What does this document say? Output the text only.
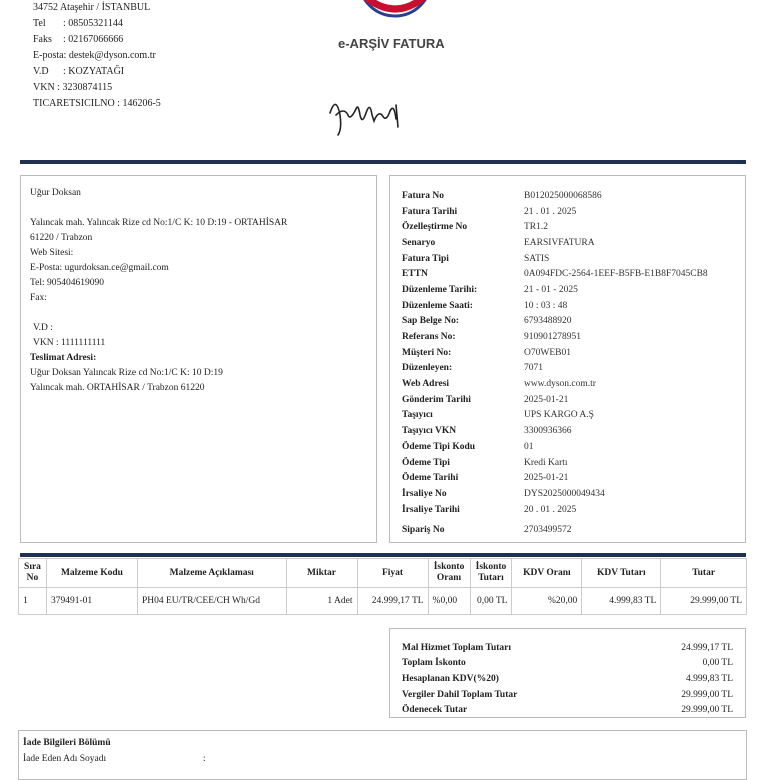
34752 Ataşehir / İSTANBUL
Tel : 08505321144
Faks : 02167066666
E-posta: destek@dyson.com.tr
V.D : KOZYATAĞI
VKN : 3230874115
TICARETSICILNO : 146206-5
e-ARŞİV FATURA
Uğur Doksan
Yalıncak mah. Yalıncak Rize cd No:1/C K: 10 D:19 - ORTAHİSAR
61220 / Trabzon
Web Sitesi:
E-Posta: ugurdoksan.ce@gmail.com
Tel: 905404619090
Fax:
V.D :
VKN : 1111111111
Teslimat Adresi:
Uğur Doksan Yalıncak Rize cd No:1/C K: 10 D:19
Yalıncak mah. ORTAHİSAR / Trabzon 61220
Fatura No	B012025000068586
Fatura Tarihi	21 . 01 . 2025
Özelleştirme No	TR1.2
Senaryo	EARSIVFATURA
Fatura Tipi	SATIS
ETTN	0A094FDC-2564-1EEF-B5FB-E1B8F7045CB8
Düzenleme Tarihi:	21 - 01 - 2025
Düzenleme Saati:	10 : 03 : 48
Sap Belge No:	6793488920
Referans No:	910901278951
Müşteri No:	O70WEB01
Düzenleyen:	7071
Web Adresi	www.dyson.com.tr
Gönderim Tarihi	2025-01-21
Taşıyıcı	UPS KARGO A.Ş
Taşıyıcı VKN	3300936366
Ödeme Tipi Kodu	01
Ödeme Tipi	Kredi Kartı
Ödeme Tarihi	2025-01-21
İrsaliye No	DYS2025000049434
İrsaliye Tarihi	20 . 01 . 2025
Sipariş No	2703499572
Sıra No	Malzeme Kodu	Malzeme Açıklaması	Miktar	Fiyat	İskonto Oranı	İskonto Tutarı	KDV Oranı	KDV Tutarı	Tutar
1	379491-01	PH04 EU/TR/CEE/CH Wh/Gd	1 Adet	24.999,17 TL	%0,00	0,00 TL	%20,00	4.999,83 TL	29.999,00 TL
Mal Hizmet Toplam Tutarı	24.999,17 TL
Toplam İskonto	0,00 TL
Hesaplanan KDV(%20)	4.999,83 TL
Vergiler Dahil Toplam Tutar	29.999,00 TL
Ödenecek Tutar	29.999,00 TL
İade Bilgileri Bölümü
İade Eden Adı Soyadı	:
